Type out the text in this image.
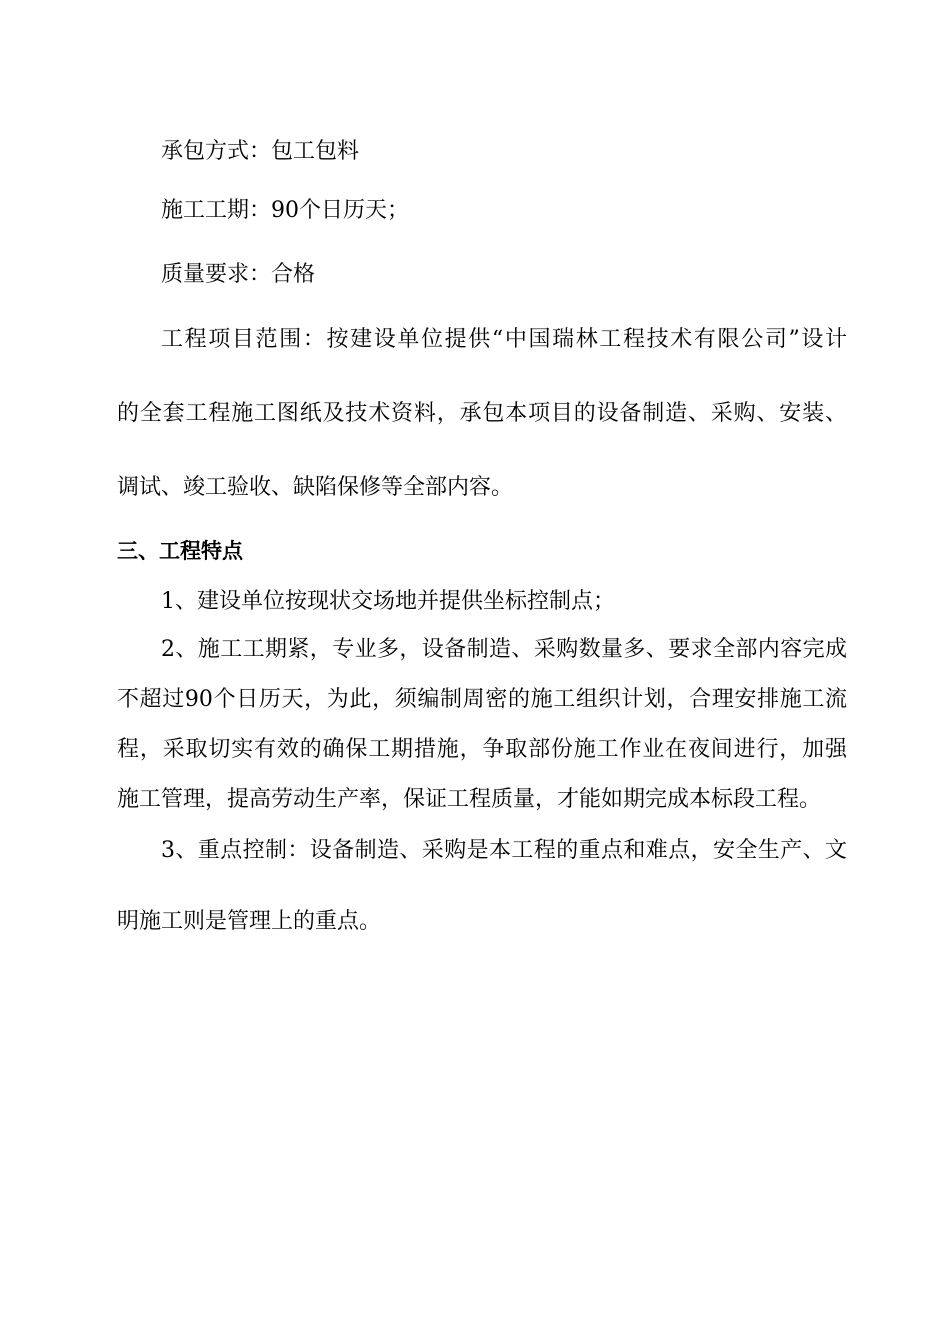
承包方式：包工包料
施工工期：90个日历天；
质量要求：合格
工程项目范围：按建设单位提供“中国瑞林工程技术有限公司”设计
的全套工程施工图纸及技术资料，承包本项目的设备制造、采购、安装、
调试、竣工验收、缺陷保修等全部内容。
三、工程特点
1、建设单位按现状交场地并提供坐标控制点；
2、施工工期紧，专业多，设备制造、采购数量多、要求全部内容完成
不超过90个日历天，为此，须编制周密的施工组织计划，合理安排施工流
程，采取切实有效的确保工期措施，争取部份施工作业在夜间进行，加强
施工管理，提高劳动生产率，保证工程质量，才能如期完成本标段工程。
3、重点控制：设备制造、采购是本工程的重点和难点，安全生产、文
明施工则是管理上的重点。
